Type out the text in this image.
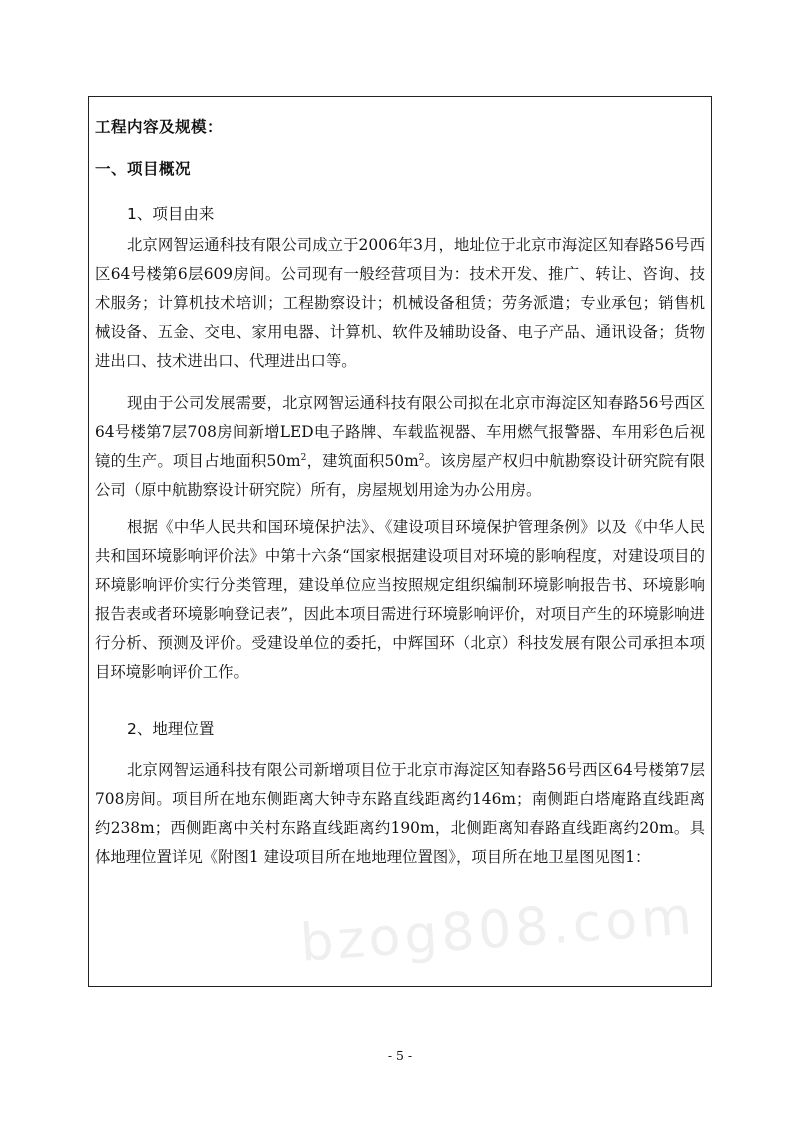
工程内容及规模：
一、项目概况
1、项目由来

北京网智运通科技有限公司成立于2006年3月，地址位于北京市海淀区知春路56号西区64号楼第6层609房间。公司现有一般经营项目为：技术开发、推广、转让、咨询、技术服务；计算机技术培训；工程勘察设计；机械设备租赁；劳务派遣；专业承包；销售机械设备、五金、交电、家用电器、计算机、软件及辅助设备、电子产品、通讯设备；货物进出口、技术进出口、代理进出口等。

现由于公司发展需要，北京网智运通科技有限公司拟在北京市海淀区知春路56号西区64号楼第7层708房间新增LED电子路牌、车载监视器、车用燃气报警器、车用彩色后视镜的生产。项目占地面积$50m^2$，建筑面积$50m^2$。该房屋产权归中航勘察设计研究院有限公司（原中航勘察设计研究院）所有，房屋规划用途为办公用房。

根据《中华人民共和国环境保护法》、《建设项目环境保护管理条例》以及《中华人民共和国环境影响评价法》中第十六条“国家根据建设项目对环境的影响程度，对建设项目的环境影响评价实行分类管理，建设单位应当按照规定组织编制环境影响报告书、环境影响报告表或者环境影响登记表”，因此本项目需进行环境影响评价，对项目产生的环境影响进行分析、预测及评价。受建设单位的委托，中辉国环（北京）科技发展有限公司承担本项目环境影响评价工作。

2、地理位置

北京网智运通科技有限公司新增项目位于北京市海淀区知春路56号西区64号楼第7层708房间。项目所在地东侧距离大钟寺东路直线距离约146m；南侧距白塔庵路直线距离约238m；西侧距离中关村东路直线距离约190m，北侧距离知春路直线距离约20m。具体地理位置详见《附图1 建设项目所在地地理位置图》，项目所在地卫星图见图1：

bzog808.com
- 5 -
